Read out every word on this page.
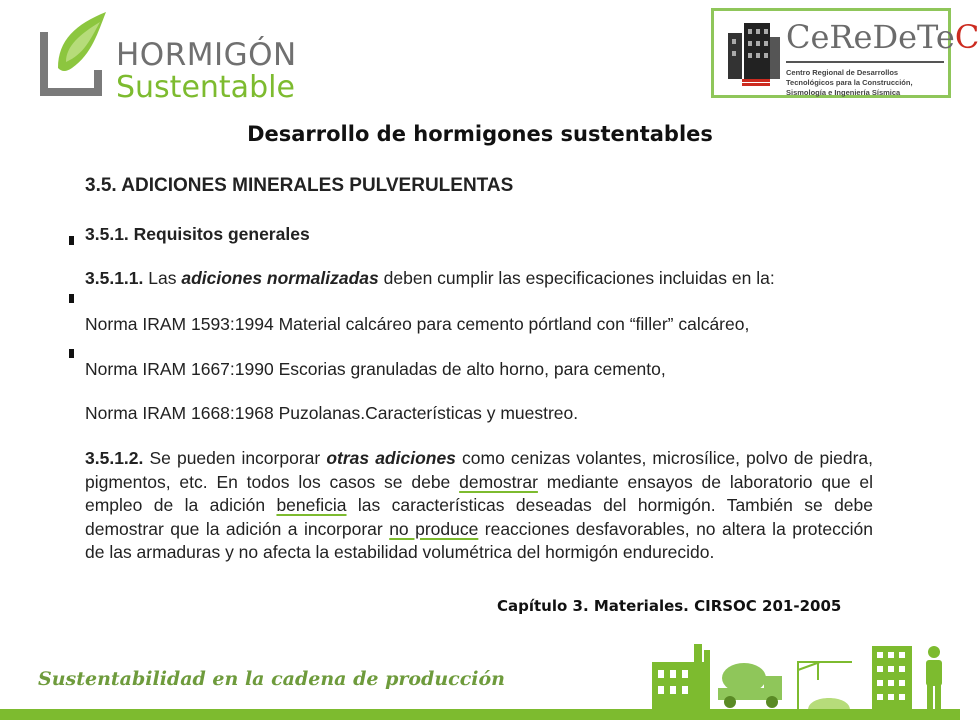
HORMIGÓN
Sustentable
CeReDeTeC
Centro Regional de Desarrollos Tecnológicos para la Construcción, Sismología e Ingeniería Sísmica
Desarrollo de hormigones sustentables
3.5. ADICIONES MINERALES PULVERULENTAS
3.5.1. Requisitos generales
3.5.1.1. Las adiciones normalizadas deben cumplir las especificaciones incluidas en la:
Norma IRAM 1593:1994 Material calcáreo para cemento pórtland con “filler” calcáreo,
Norma IRAM 1667:1990 Escorias granuladas de alto horno, para cemento,
Norma IRAM 1668:1968 Puzolanas.Características y muestreo.
3.5.1.2. Se pueden incorporar otras adiciones como cenizas volantes, microsílice, polvo de piedra, pigmentos, etc. En todos los casos se debe demostrar mediante ensayos de laboratorio que el empleo de la adición beneficia las características deseadas del hormigón. También se debe demostrar que la adición a incorporar no produce reacciones desfavorables, no altera la protección de las armaduras y no afecta la estabilidad volumétrica del hormigón endurecido.
Capítulo 3. Materiales. CIRSOC 201-2005
Sustentabilidad en la cadena de producción
